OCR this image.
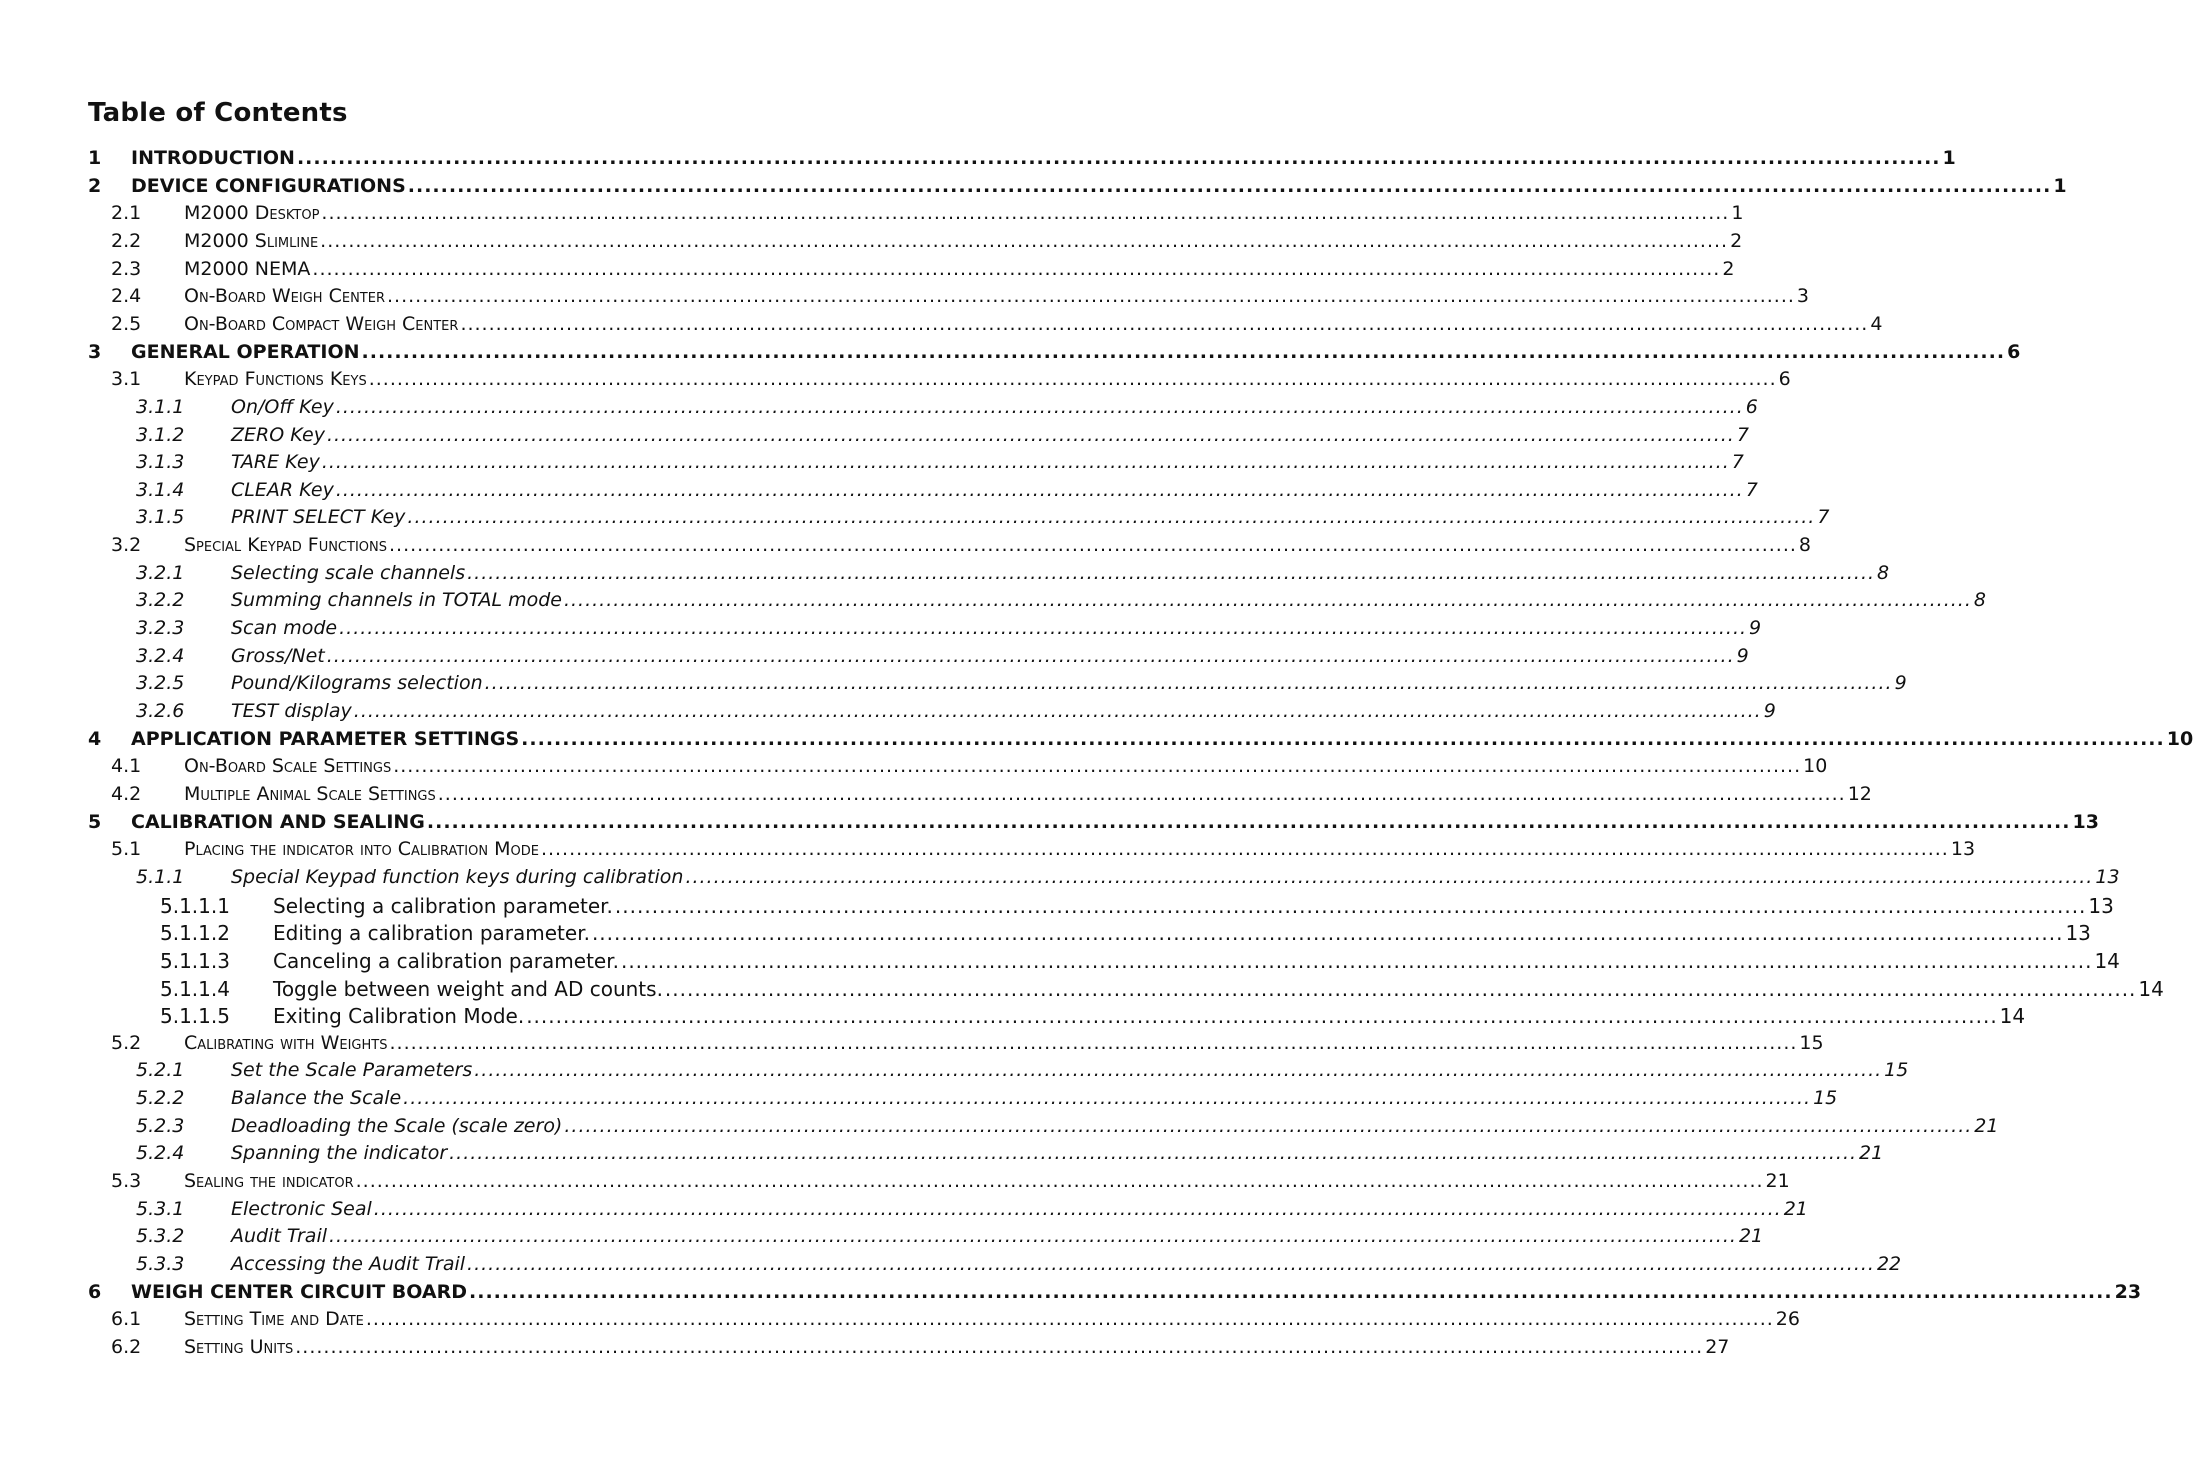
Table of Contents
1 INTRODUCTION ........................................................................................................................................................................................................ 1
2 DEVICE CONFIGURATIONS ........................................................................................................................................................................................................ 1
2.1 M2000 Desktop ........................................................................................................................................................................................................ 1
2.2 M2000 Slimline ........................................................................................................................................................................................................ 2
2.3 M2000 NEMA ........................................................................................................................................................................................................ 2
2.4 On-Board Weigh Center ........................................................................................................................................................................................................ 3
2.5 On-Board Compact Weigh Center ........................................................................................................................................................................................................ 4
3 GENERAL OPERATION ........................................................................................................................................................................................................ 6
3.1 Keypad Functions Keys ........................................................................................................................................................................................................ 6
3.1.1 On/Off Key ........................................................................................................................................................................................................ 6
3.1.2 ZERO Key ........................................................................................................................................................................................................ 7
3.1.3 TARE Key ........................................................................................................................................................................................................ 7
3.1.4 CLEAR Key ........................................................................................................................................................................................................ 7
3.1.5 PRINT SELECT Key ........................................................................................................................................................................................................ 7
3.2 Special Keypad Functions ........................................................................................................................................................................................................ 8
3.2.1 Selecting scale channels ........................................................................................................................................................................................................ 8
3.2.2 Summing channels in TOTAL mode ........................................................................................................................................................................................................ 8
3.2.3 Scan mode ........................................................................................................................................................................................................ 9
3.2.4 Gross/Net ........................................................................................................................................................................................................ 9
3.2.5 Pound/Kilograms selection ........................................................................................................................................................................................................ 9
3.2.6 TEST display ........................................................................................................................................................................................................ 9
4 APPLICATION PARAMETER SETTINGS ........................................................................................................................................................................................................ 10
4.1 On-Board Scale Settings ........................................................................................................................................................................................................ 10
4.2 Multiple Animal Scale Settings ........................................................................................................................................................................................................ 12
5 CALIBRATION AND SEALING ........................................................................................................................................................................................................ 13
5.1 Placing the indicator into Calibration Mode ........................................................................................................................................................................................................ 13
5.1.1 Special Keypad function keys during calibration ........................................................................................................................................................................................................ 13
5.1.1.1 Selecting a calibration parameter. ........................................................................................................................................................................................................ 13
5.1.1.2 Editing a calibration parameter. ........................................................................................................................................................................................................ 13
5.1.1.3 Canceling a calibration parameter. ........................................................................................................................................................................................................ 14
5.1.1.4 Toggle between weight and AD counts. ........................................................................................................................................................................................................ 14
5.1.1.5 Exiting Calibration Mode. ........................................................................................................................................................................................................ 14
5.2 Calibrating with Weights ........................................................................................................................................................................................................ 15
5.2.1 Set the Scale Parameters ........................................................................................................................................................................................................ 15
5.2.2 Balance the Scale ........................................................................................................................................................................................................ 15
5.2.3 Deadloading the Scale (scale zero) ........................................................................................................................................................................................................ 21
5.2.4 Spanning the indicator ........................................................................................................................................................................................................ 21
5.3 Sealing the indicator ........................................................................................................................................................................................................ 21
5.3.1 Electronic Seal ........................................................................................................................................................................................................ 21
5.3.2 Audit Trail ........................................................................................................................................................................................................ 21
5.3.3 Accessing the Audit Trail ........................................................................................................................................................................................................ 22
6 WEIGH CENTER CIRCUIT BOARD ........................................................................................................................................................................................................ 23
6.1 Setting Time and Date ........................................................................................................................................................................................................ 26
6.2 Setting Units ........................................................................................................................................................................................................ 27
